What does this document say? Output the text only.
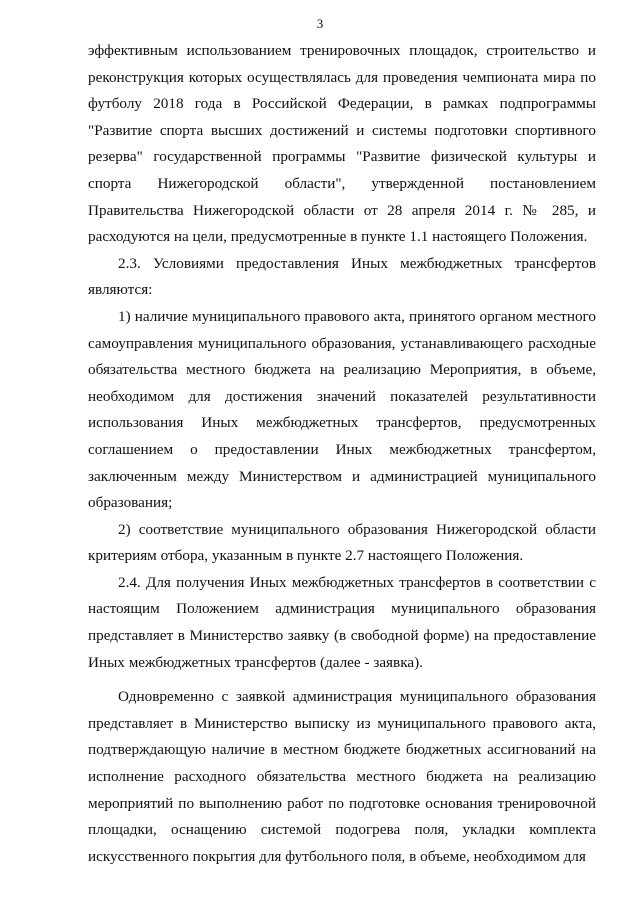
3

эффективным использованием тренировочных площадок, строительство и реконструкция которых осуществлялась для проведения чемпионата мира по футболу 2018 года в Российской Федерации, в рамках подпрограммы "Развитие спорта высших достижений и системы подготовки спортивного резерва" государственной программы "Развитие физической культуры и спорта Нижегородской области", утвержденной постановлением Правительства Нижегородской области от 28 апреля 2014 г. № 285, и расходуются на цели, предусмотренные в пункте 1.1 настоящего Положения.

2.3. Условиями предоставления Иных межбюджетных трансфертов являются:

1) наличие муниципального правового акта, принятого органом местного самоуправления муниципального образования, устанавливающего расходные обязательства местного бюджета на реализацию Мероприятия, в объеме, необходимом для достижения значений показателей результативности использования Иных межбюджетных трансфертов, предусмотренных соглашением о предоставлении Иных межбюджетных трансфертом, заключенным между Министерством и администрацией муниципального образования;

2) соответствие муниципального образования Нижегородской области критериям отбора, указанным в пункте 2.7 настоящего Положения.

2.4. Для получения Иных межбюджетных трансфертов в соответствии с настоящим Положением администрация муниципального образования представляет в Министерство заявку (в свободной форме) на предоставление Иных межбюджетных трансфертов (далее - заявка).

Одновременно с заявкой администрация муниципального образования представляет в Министерство выписку из муниципального правового акта, подтверждающую наличие в местном бюджете бюджетных ассигнований на исполнение расходного обязательства местного бюджета на реализацию мероприятий по выполнению работ по подготовке основания тренировочной площадки, оснащению системой подогрева поля, укладки комплекта искусственного покрытия для футбольного поля, в объеме, необходимом для
